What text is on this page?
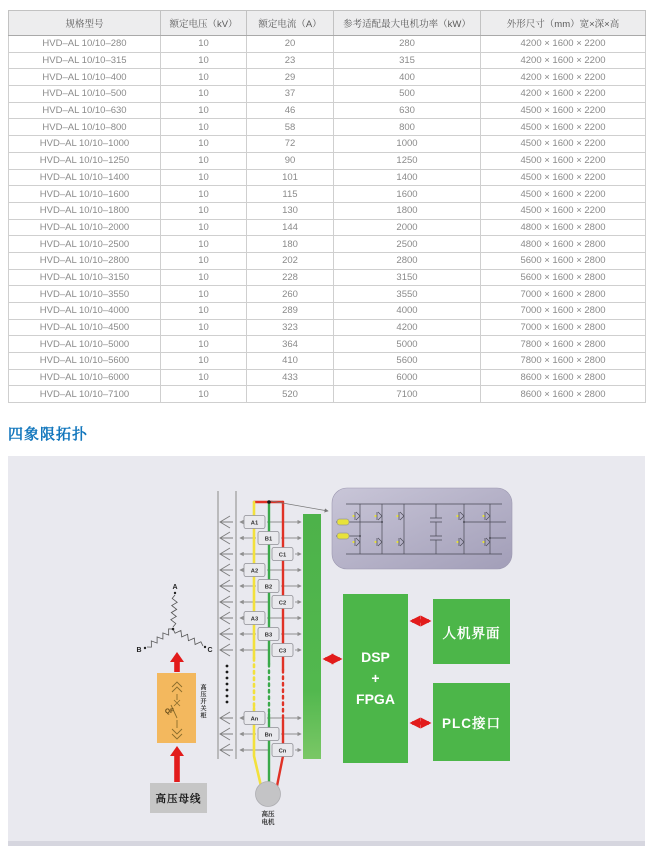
规格型号	额定电压（kV）	额定电流（A）	参考适配最大电机功率（kW）	外形尺寸（mm）宽×深×高
HVD–AL 10/10–280	10	20	280	4200 × 1600 × 2200
HVD–AL 10/10–315	10	23	315	4200 × 1600 × 2200
HVD–AL 10/10–400	10	29	400	4200 × 1600 × 2200
HVD–AL 10/10–500	10	37	500	4200 × 1600 × 2200
HVD–AL 10/10–630	10	46	630	4500 × 1600 × 2200
HVD–AL 10/10–800	10	58	800	4500 × 1600 × 2200
HVD–AL 10/10–1000	10	72	1000	4500 × 1600 × 2200
HVD–AL 10/10–1250	10	90	1250	4500 × 1600 × 2200
HVD–AL 10/10–1400	10	101	1400	4500 × 1600 × 2200
HVD–AL 10/10–1600	10	115	1600	4500 × 1600 × 2200
HVD–AL 10/10–1800	10	130	1800	4500 × 1600 × 2200
HVD–AL 10/10–2000	10	144	2000	4800 × 1600 × 2800
HVD–AL 10/10–2500	10	180	2500	4800 × 1600 × 2800
HVD–AL 10/10–2800	10	202	2800	5600 × 1600 × 2800
HVD–AL 10/10–3150	10	228	3150	5600 × 1600 × 2800
HVD–AL 10/10–3550	10	260	3550	7000 × 1600 × 2800
HVD–AL 10/10–4000	10	289	4000	7000 × 1600 × 2800
HVD–AL 10/10–4500	10	323	4200	7000 × 1600 × 2800
HVD–AL 10/10–5000	10	364	5000	7800 × 1600 × 2800
HVD–AL 10/10–5600	10	410	5600	7800 × 1600 × 2800
HVD–AL 10/10–6000	10	433	6000	8600 × 1600 × 2800
HVD–AL 10/10–7100	10	520	7100	8600 × 1600 × 2800
四象限拓扑
A1
B1
C1
A2
B2
C2
A3
B3
C3
An
Bn
Cn
A
B	C
QF
高压
电机
DSP
+
FPGA
人机界面
PLC接口
高压母线
高压开关柜
